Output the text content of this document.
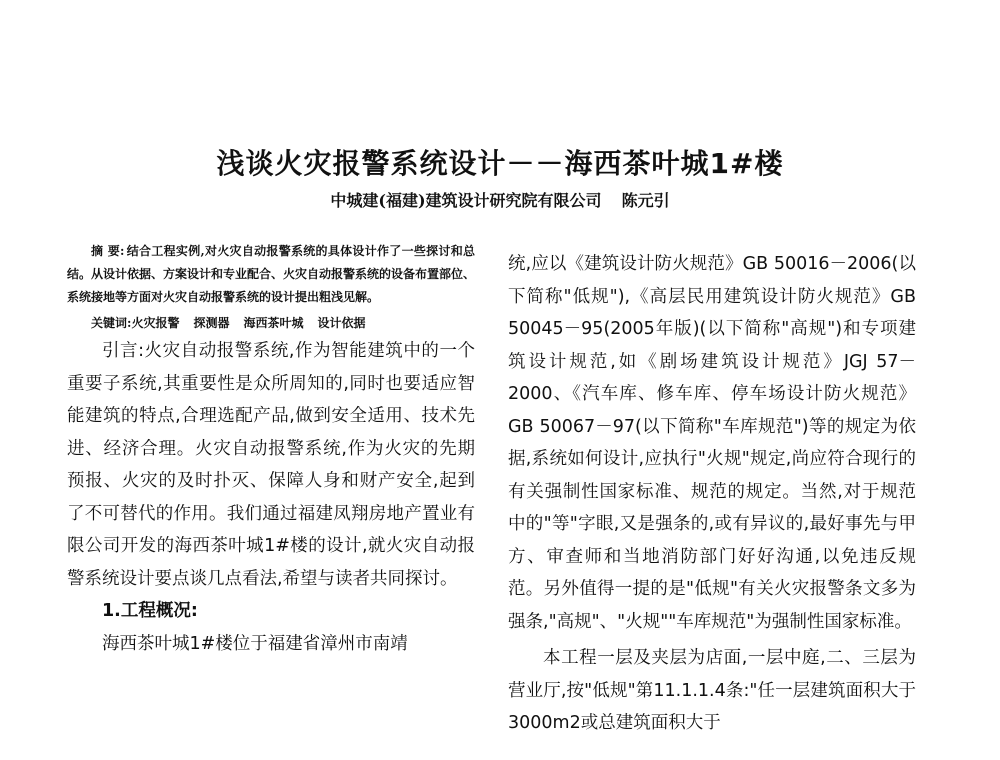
浅谈火灾报警系统设计－－海西茶叶城1#楼
中城建(福建)建筑设计研究院有限公司 陈元引

摘 要: 结合工程实例,对火灾自动报警系统的具体设计作了一些探讨和总结。从设计依据、方案设计和专业配合、火灾自动报警系统的设备布置部位、系统接地等方面对火灾自动报警系统的设计提出粗浅见解。

关键词:火灾报警 探测器 海西茶叶城 设计依据

引言:火灾自动报警系统,作为智能建筑中的一个重要子系统,其重要性是众所周知的,同时也要适应智能建筑的特点,合理选配产品,做到安全适用、技术先进、经济合理。火灾自动报警系统,作为火灾的先期预报、火灾的及时扑灭、保障人身和财产安全,起到了不可替代的作用。我们通过福建凤翔房地产置业有限公司开发的海西茶叶城1#楼的设计,就火灾自动报警系统设计要点谈几点看法,希望与读者共同探讨。

1.工程概况:

海西茶叶城1#楼位于福建省漳州市南靖

统,应以《建筑设计防火规范》GB 50016－2006(以下简称"低规"),《高层民用建筑设计防火规范》GB 50045－95(2005年版)(以下简称"高规")和专项建筑设计规范,如《剧场建筑设计规范》JGJ 57－2000、《汽车库、修车库、停车场设计防火规范》GB 50067－97(以下简称"车库规范")等的规定为依据,系统如何设计,应执行"火规"规定,尚应符合现行的有关强制性国家标准、规范的规定。当然,对于规范中的"等"字眼,又是强条的,或有异议的,最好事先与甲方、审查师和当地消防部门好好沟通,以免违反规范。另外值得一提的是"低规"有关火灾报警条文多为强条,"高规"、"火规""车库规范"为强制性国家标准。

本工程一层及夹层为店面,一层中庭,二、三层为营业厅,按"低规"第11.1.1.4条:"任一层建筑面积大于3000m2或总建筑面积大于
